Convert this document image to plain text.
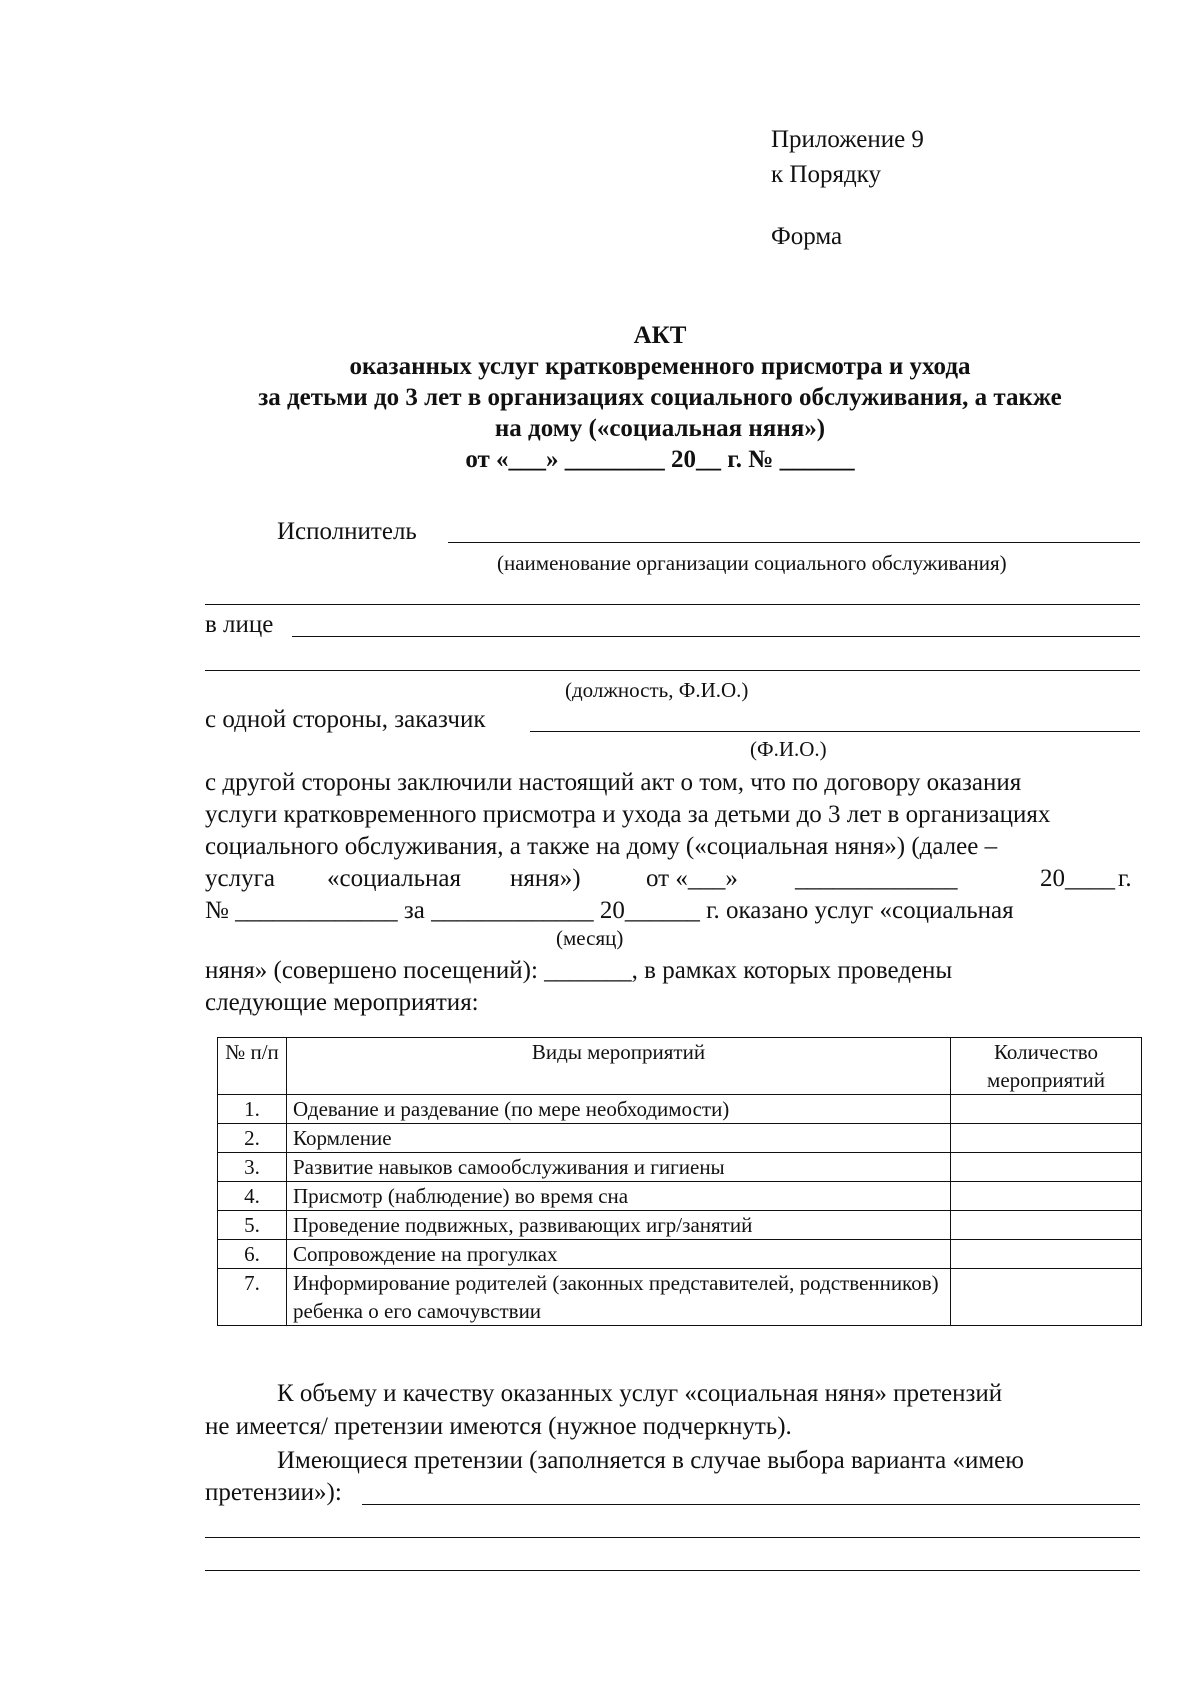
Приложение 9
к Порядку
Форма
АКТ
оказанных услуг кратковременного присмотра и ухода
за детьми до 3 лет в организациях социального обслуживания, а также
на дому («социальная няня»)
от «___» ________ 20__ г. № ______
Исполнитель
(наименование организации социального обслуживания)
в лице
(должность, Ф.И.О.)
с одной стороны, заказчик
(Ф.И.О.)
с другой стороны заключили настоящий акт о том, что по договору оказания
услуги кратковременного присмотра и ухода за детьми до 3 лет в организациях
социального обслуживания, а также на дому («социальная няня») (далее –
услуга «социальная няня»)	от «___» _____________	20____ г.
№ _____________ за _____________ 20______ г. оказано услуг «социальная
(месяц)
няня» (совершено посещений): _______, в рамках которых проведены
следующие мероприятия:
№ п/п	Виды мероприятий	Количество мероприятий
1.	Одевание и раздевание (по мере необходимости)	
2.	Кормление	
3.	Развитие навыков самообслуживания и гигиены	
4.	Присмотр (наблюдение) во время сна	
5.	Проведение подвижных, развивающих игр/занятий	
6.	Сопровождение на прогулках	
7.	Информирование родителей (законных представителей, родственников) ребенка о его самочувствии	
К объему и качеству оказанных услуг «социальная няня» претензий
не имеется/ претензии имеются (нужное подчеркнуть).
Имеющиеся претензии (заполняется в случае выбора варианта «имею
претензии»):
